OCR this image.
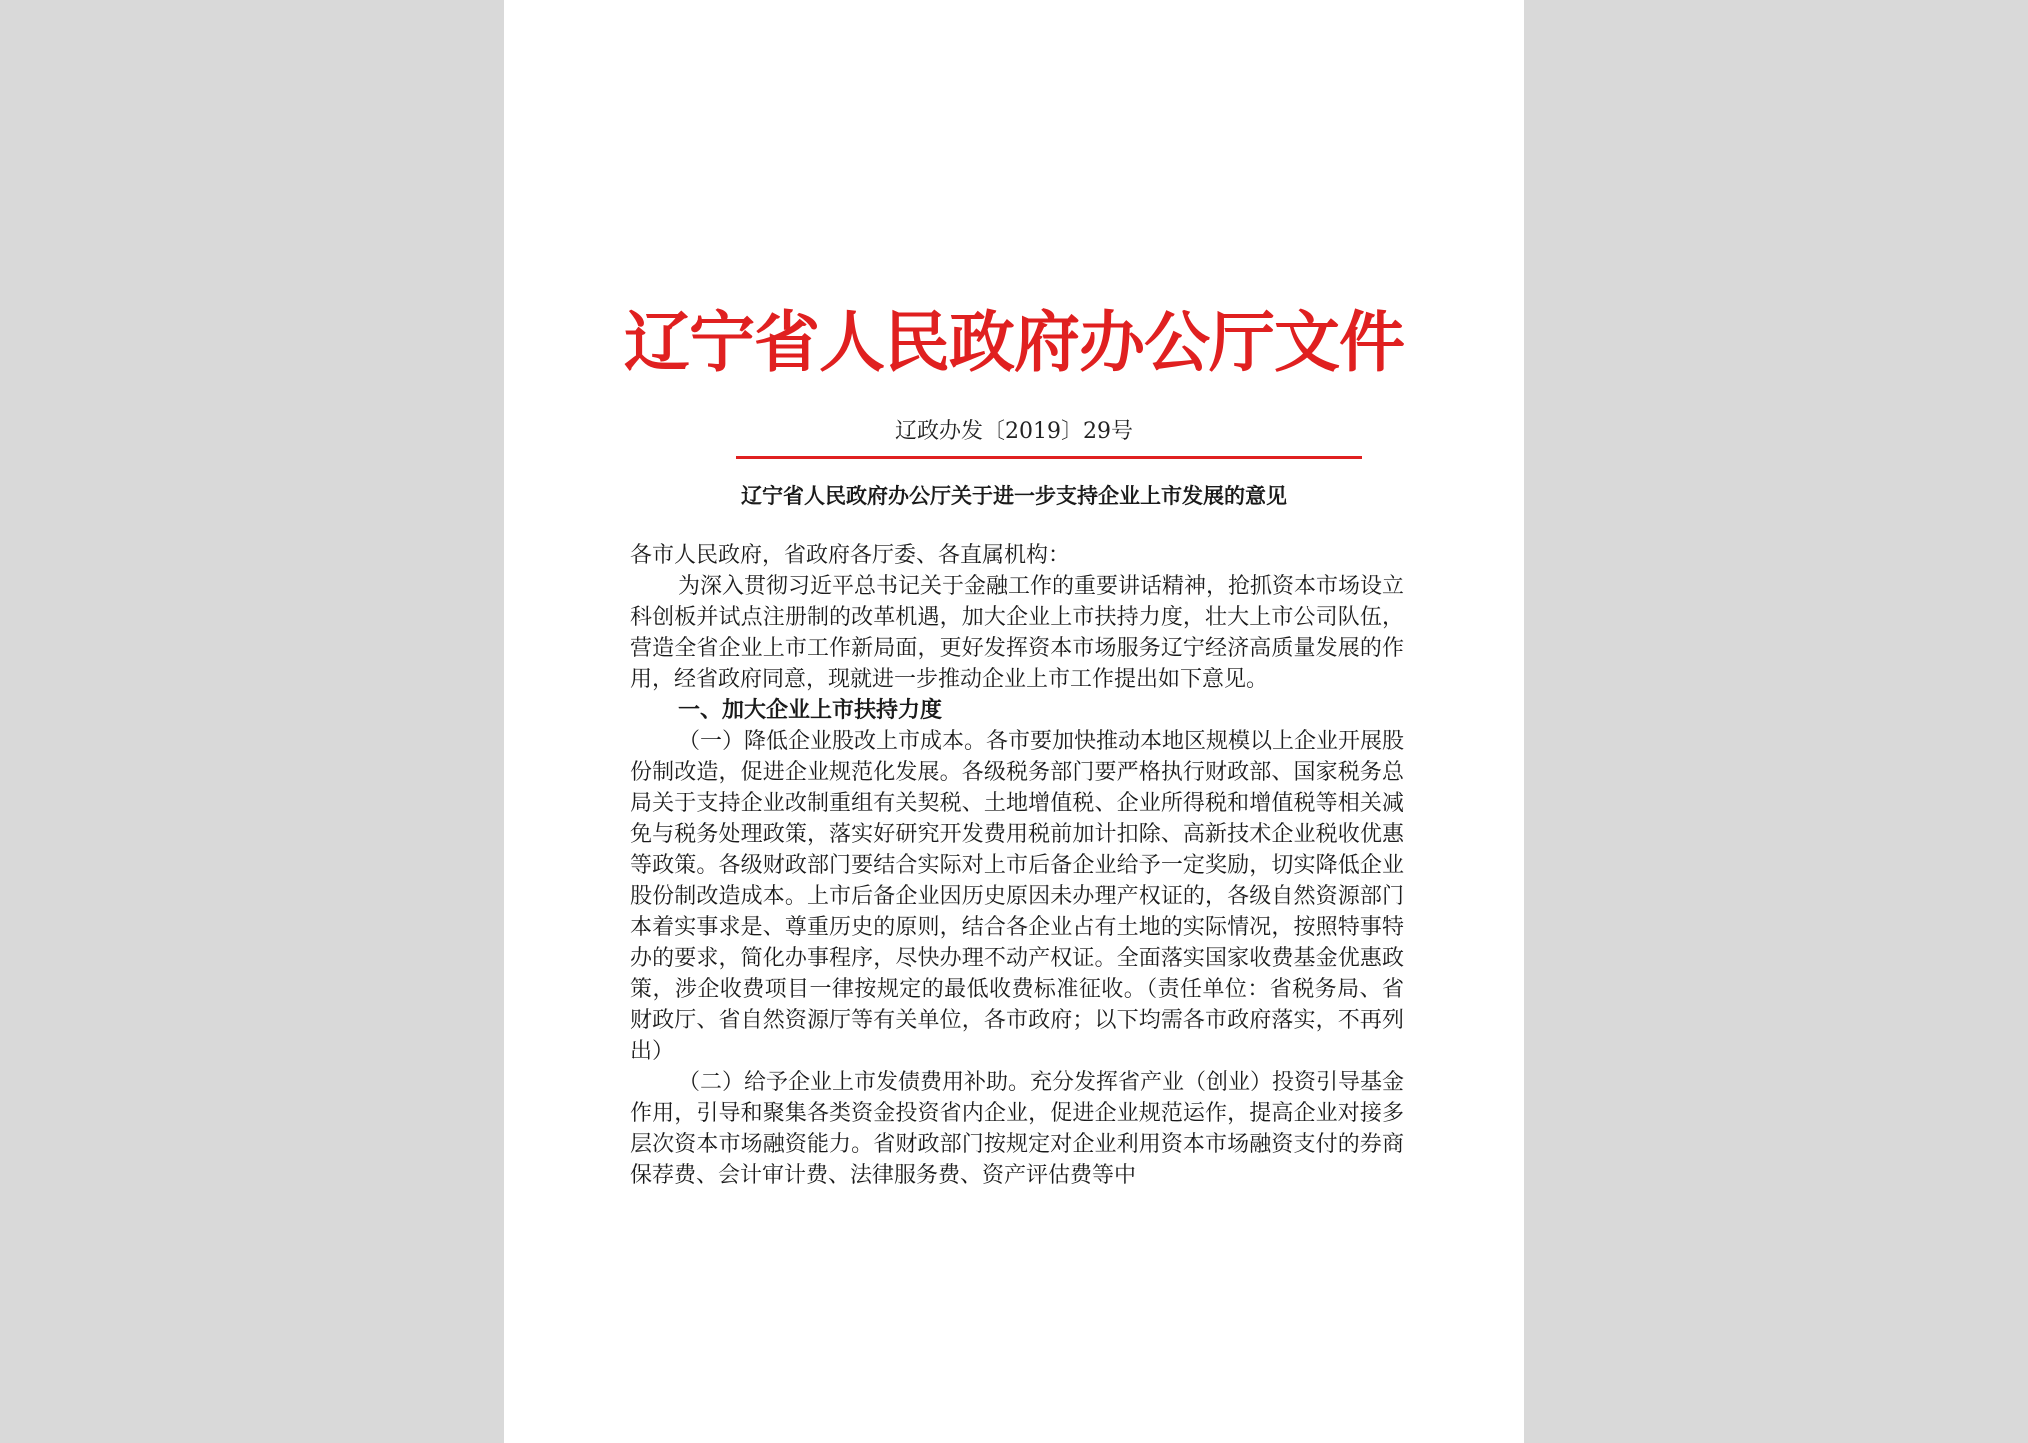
辽宁省人民政府办公厅文件
辽政办发〔2019〕29号
辽宁省人民政府办公厅关于进一步支持企业上市发展的意见

各市人民政府，省政府各厅委、各直属机构：

为深入贯彻习近平总书记关于金融工作的重要讲话精神，抢抓资本市场设立科创板并试点注册制的改革机遇，加大企业上市扶持力度，壮大上市公司队伍，营造全省企业上市工作新局面，更好发挥资本市场服务辽宁经济高质量发展的作用，经省政府同意，现就进一步推动企业上市工作提出如下意见。

一、加大企业上市扶持力度

（一）降低企业股改上市成本。各市要加快推动本地区规模以上企业开展股份制改造，促进企业规范化发展。各级税务部门要严格执行财政部、国家税务总局关于支持企业改制重组有关契税、土地增值税、企业所得税和增值税等相关减免与税务处理政策，落实好研究开发费用税前加计扣除、高新技术企业税收优惠等政策。各级财政部门要结合实际对上市后备企业给予一定奖励，切实降低企业股份制改造成本。上市后备企业因历史原因未办理产权证的，各级自然资源部门本着实事求是、尊重历史的原则，结合各企业占有土地的实际情况，按照特事特办的要求，简化办事程序，尽快办理不动产权证。全面落实国家收费基金优惠政策，涉企收费项目一律按规定的最低收费标准征收。（责任单位：省税务局、省财政厅、省自然资源厅等有关单位，各市政府；以下均需各市政府落实，不再列出）

（二）给予企业上市发债费用补助。充分发挥省产业（创业）投资引导基金作用，引导和聚集各类资金投资省内企业，促进企业规范运作，提高企业对接多层次资本市场融资能力。省财政部门按规定对企业利用资本市场融资支付的券商保荐费、会计审计费、法律服务费、资产评估费等中
